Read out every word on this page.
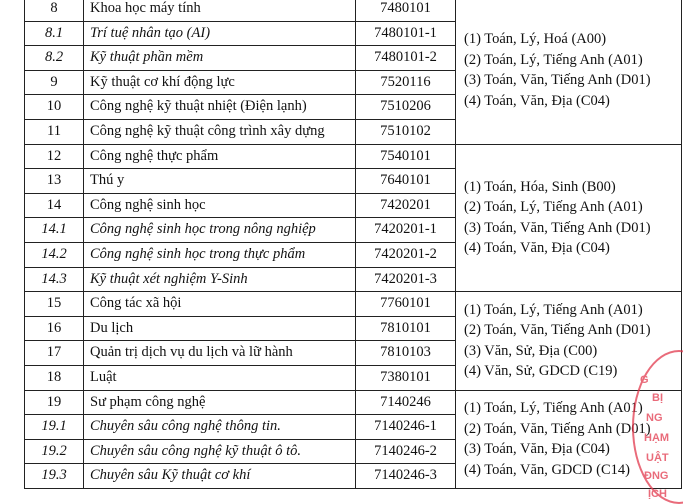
8	Khoa học máy tính	7480101	(1) Toán, Lý, Hoá (A00)
(2) Toán, Lý, Tiếng Anh (A01)
(3) Toán, Văn, Tiếng Anh (D01)
(4) Toán, Văn, Địa (C04)

8.1	Trí tuệ nhân tạo (AI)	7480101-1	
8.2	Kỹ thuật phần mềm	7480101-2	
9	Kỹ thuật cơ khí động lực	7520116	
10	Công nghệ kỹ thuật nhiệt (Điện lạnh)	7510206	
11	Công nghệ kỹ thuật công trình xây dựng	7510102	
12	Công nghệ thực phẩm	7540101	(1) Toán, Hóa, Sinh (B00)
(2) Toán, Lý, Tiếng Anh (A01)
(3) Toán, Văn, Tiếng Anh (D01)
(4) Toán, Văn, Địa (C04)

13	Thú y	7640101	
14	Công nghệ sinh học	7420201	
14.1	Công nghệ sinh học trong nông nghiệp	7420201-1	
14.2	Công nghệ sinh học trong thực phẩm	7420201-2	
14.3	Kỹ thuật xét nghiệm Y-Sinh	7420201-3	
15	Công tác xã hội	7760101	(1) Toán, Lý, Tiếng Anh (A01)
(2) Toán, Văn, Tiếng Anh (D01)
(3) Văn, Sử, Địa (C00)
(4) Văn, Sử, GDCD (C19)

16	Du lịch	7810101	
17	Quản trị dịch vụ du lịch và lữ hành	7810103	
18	Luật	7380101	
19	Sư phạm công nghệ	7140246	(1) Toán, Lý, Tiếng Anh (A01)
(2) Toán, Văn, Tiếng Anh (D01)
(3) Toán, Văn, Địa (C04)
(4) Toán, Văn, GDCD (C14)

19.1	Chuyên sâu công nghệ thông tin.	7140246-1	
19.2	Chuyên sâu công nghệ kỹ thuật ô tô.	7140246-2	
19.3	Chuyên sâu Kỹ thuật cơ khí	7140246-3	
G
BỊ
NG
HẠM
UẬT
ĐNG
ỊCH
